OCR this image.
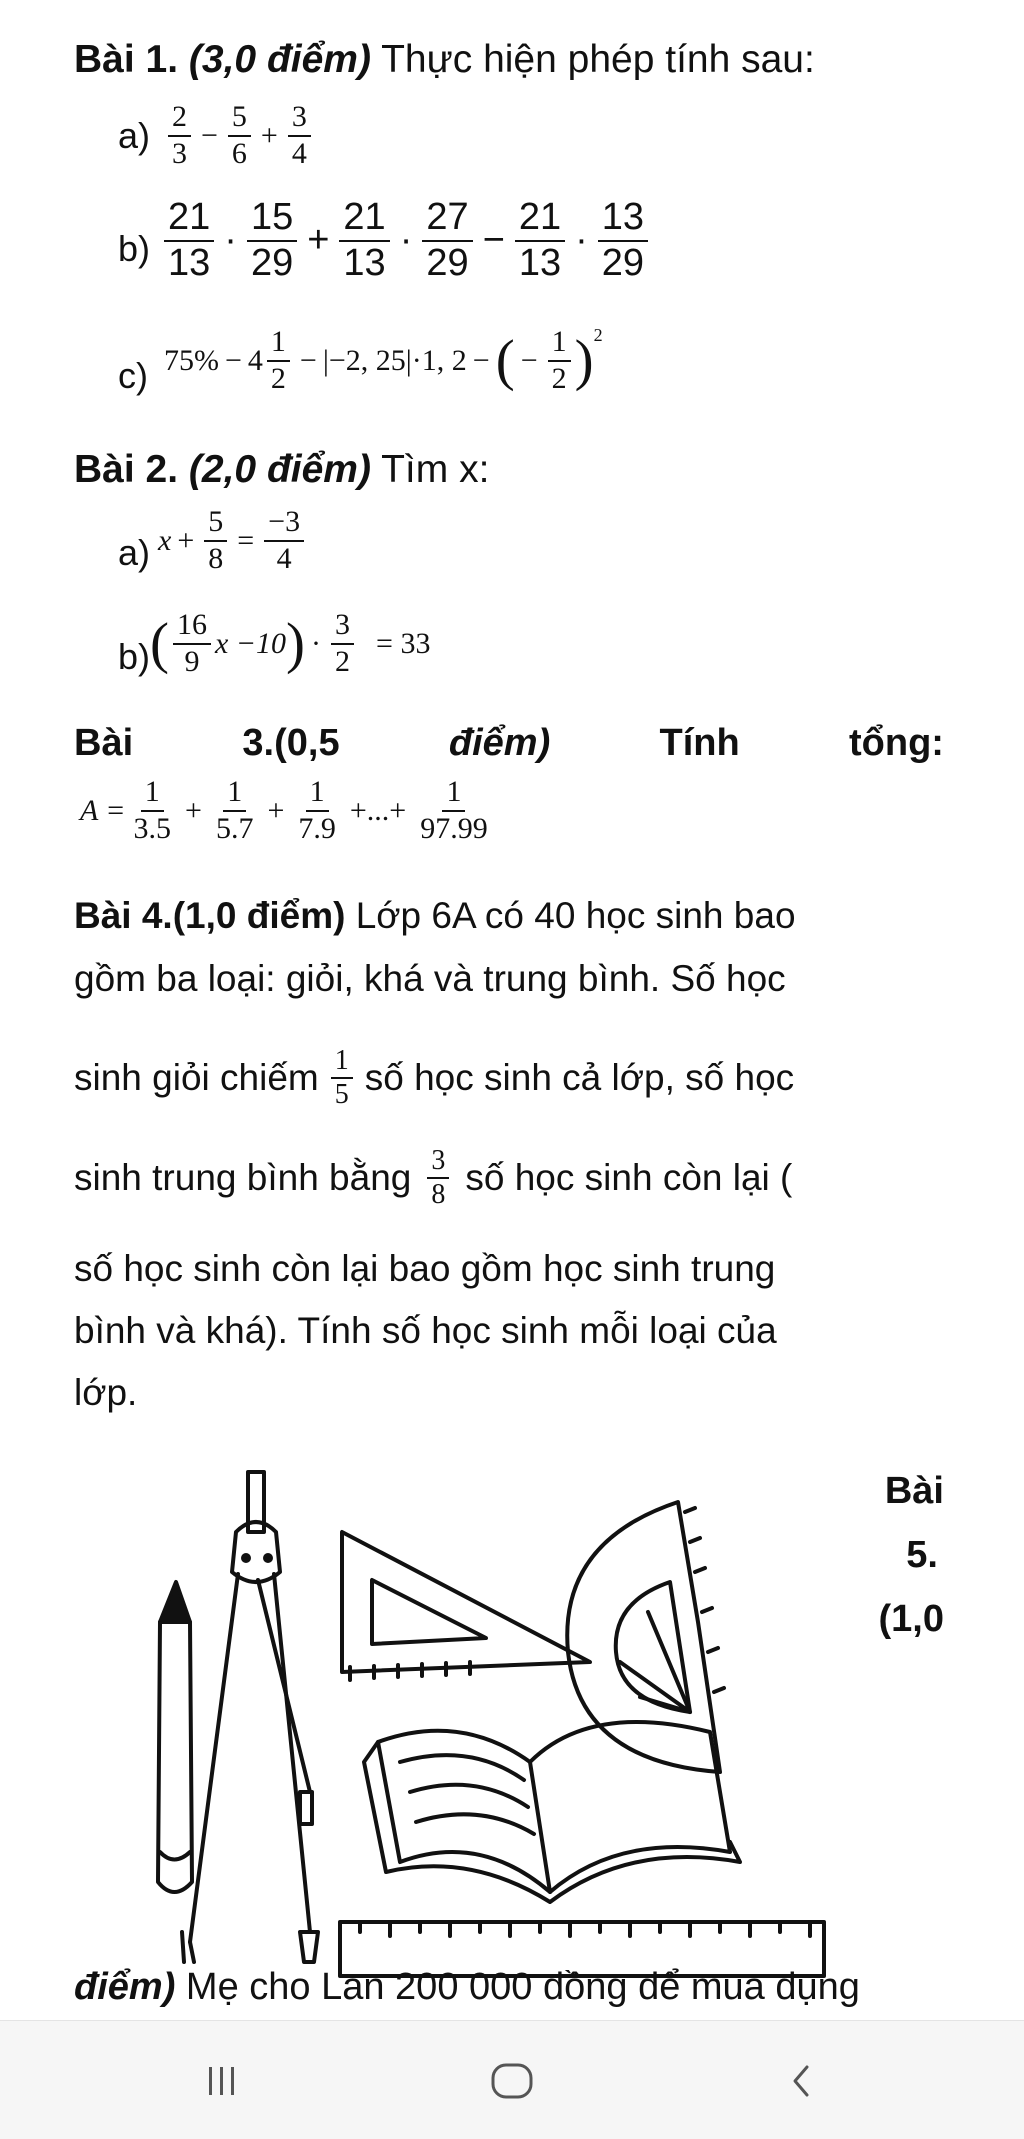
Bài 1. (3,0 điểm) Thực hiện phép tính sau:
$a) \frac{2}{3} - \frac{5}{6} + \frac{3}{4}$
$b) \frac{21}{13} \cdot \frac{15}{29} + \frac{21}{13} \cdot \frac{27}{29} - \frac{21}{13} \cdot \frac{13}{29}$
c) $75\% - 4 \frac{1}{2} - |-2$, 25| ·1, 2 − ( − $\frac{1}{2}$ ) 2
Bài 2. (2,0 điểm) Tìm x:
a) $x + \frac{5}{8} = \frac{-3}{4}$
b) ( $\frac{16}{9}$ x −10 ) · $\frac{3}{2} = 33$
Bài	3.(0,5	điểm)	Tính	tổng:
$A = \frac{1}{3.5} + \frac{1}{5.7} + \frac{1}{7.9}$ +...+ $\frac{1}{97.99}$
Bài 4.(1,0 điểm) Lớp 6A có 40 học sinh bao
gồm ba loại: giỏi, khá và trung bình. Số học
sinh giỏi chiếm $\frac{1}{5}$ số học sinh cả lớp, số học
sinh trung bình bằng $\frac{3}{8}$ số học sinh còn lại (
số học sinh còn lại bao gồm học sinh trung
bình và khá). Tính số học sinh mỗi loại của
lớp.
Bài
5.
(1,0
điểm) Mẹ cho Lan 200 000 đồng để mua dụng
